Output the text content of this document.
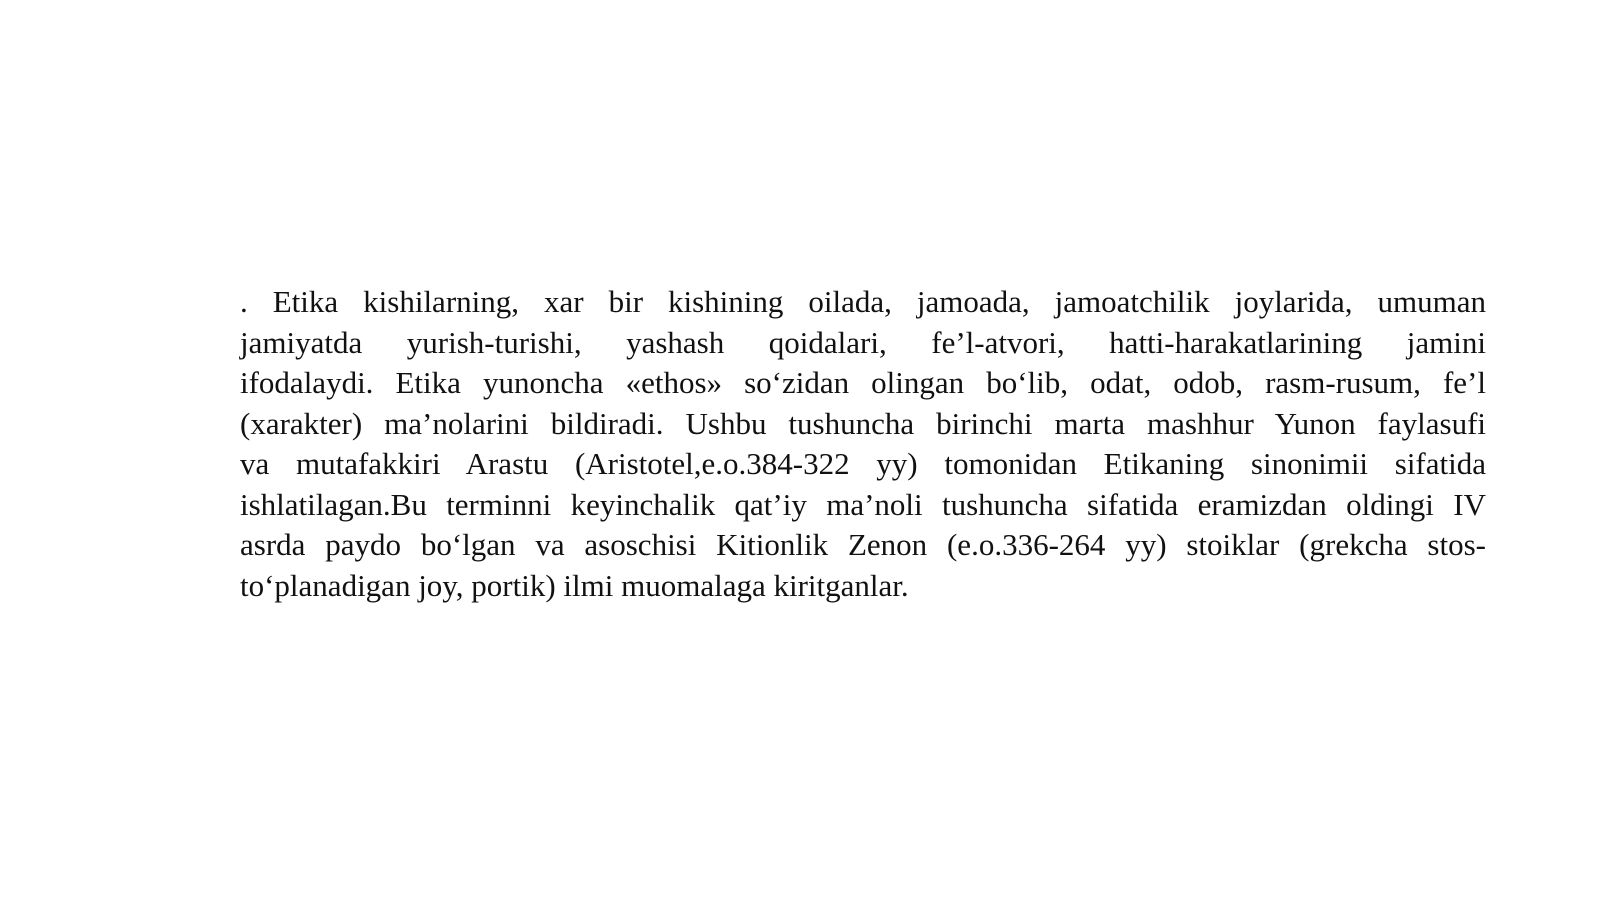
. Etika kishilarning, xar bir kishining oilada, jamoada, jamoatchilik joylarida, umuman
jamiyatda yurish-turishi, yashash qoidalari, fe’l-atvori, hatti-harakatlarining jamini
ifodalaydi. Etika yunoncha «ethos» so‘zidan olingan bo‘lib, odat, odob, rasm-rusum, fe’l
(xarakter) ma’nolarini bildiradi. Ushbu tushuncha birinchi marta mashhur Yunon faylasufi
va mutafakkiri Arastu (Aristotel,e.o.384-322 yy) tomonidan Etikaning sinonimii sifatida
ishlatilagan.Bu terminni keyinchalik qat’iy ma’noli tushuncha sifatida eramizdan oldingi IV
asrda paydo bo‘lgan va asoschisi Kitionlik Zenon (e.o.336-264 yy) stoiklar (grekcha stos-
to‘planadigan joy, portik) ilmi muomalaga kiritganlar.
